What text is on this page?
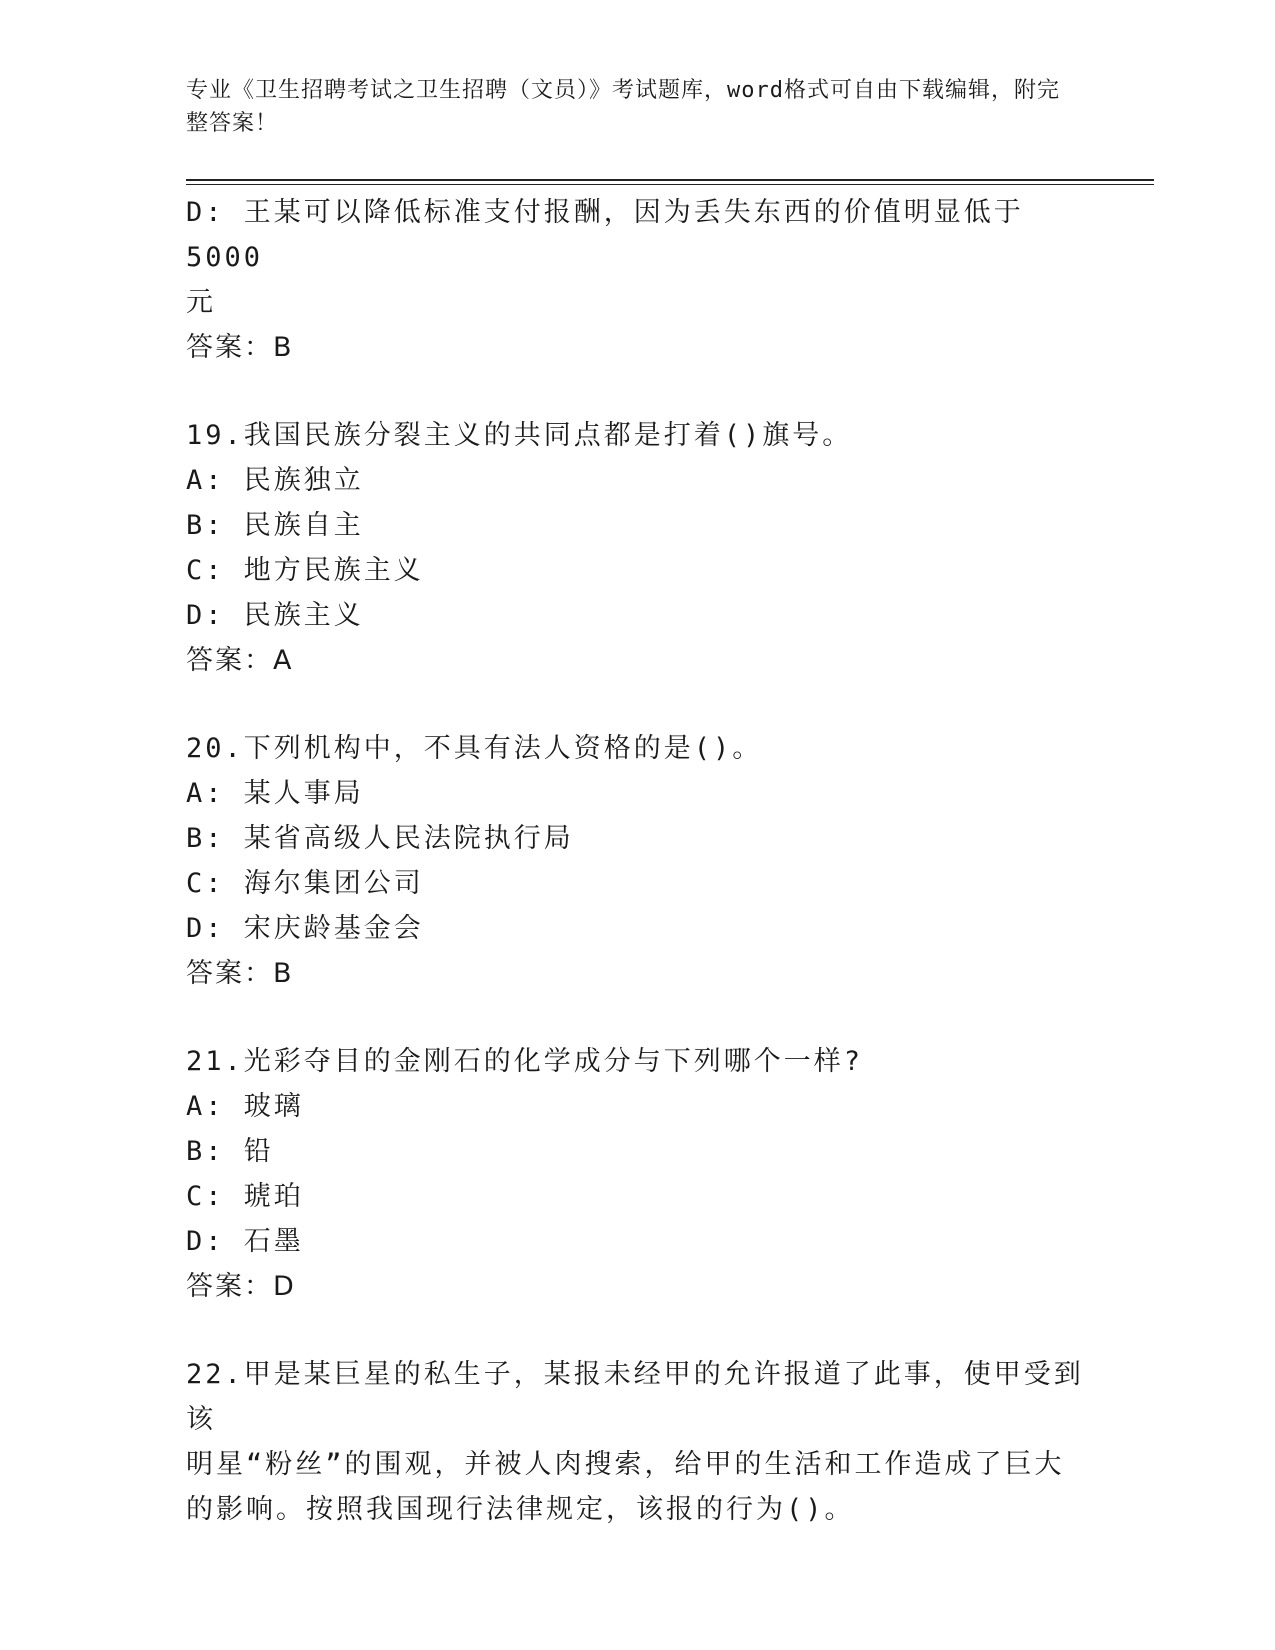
专业《卫生招聘考试之卫生招聘（文员）》考试题库，word格式可自由下载编辑，附完整答案！

D: 王某可以降低标准支付报酬，因为丢失东西的价值明显低于5000

元

答案：B

19.我国民族分裂主义的共同点都是打着()旗号。

A: 民族独立

B: 民族自主

C: 地方民族主义

D: 民族主义

答案：A

20.下列机构中，不具有法人资格的是()。

A: 某人事局

B: 某省高级人民法院执行局

C: 海尔集团公司

D: 宋庆龄基金会

答案：B

21.光彩夺目的金刚石的化学成分与下列哪个一样?

A: 玻璃

B: 铅

C: 琥珀

D: 石墨

答案：D

22.甲是某巨星的私生子，某报未经甲的允许报道了此事，使甲受到该

明星“粉丝”的围观，并被人肉搜索，给甲的生活和工作造成了巨大

的影响。按照我国现行法律规定，该报的行为()。
